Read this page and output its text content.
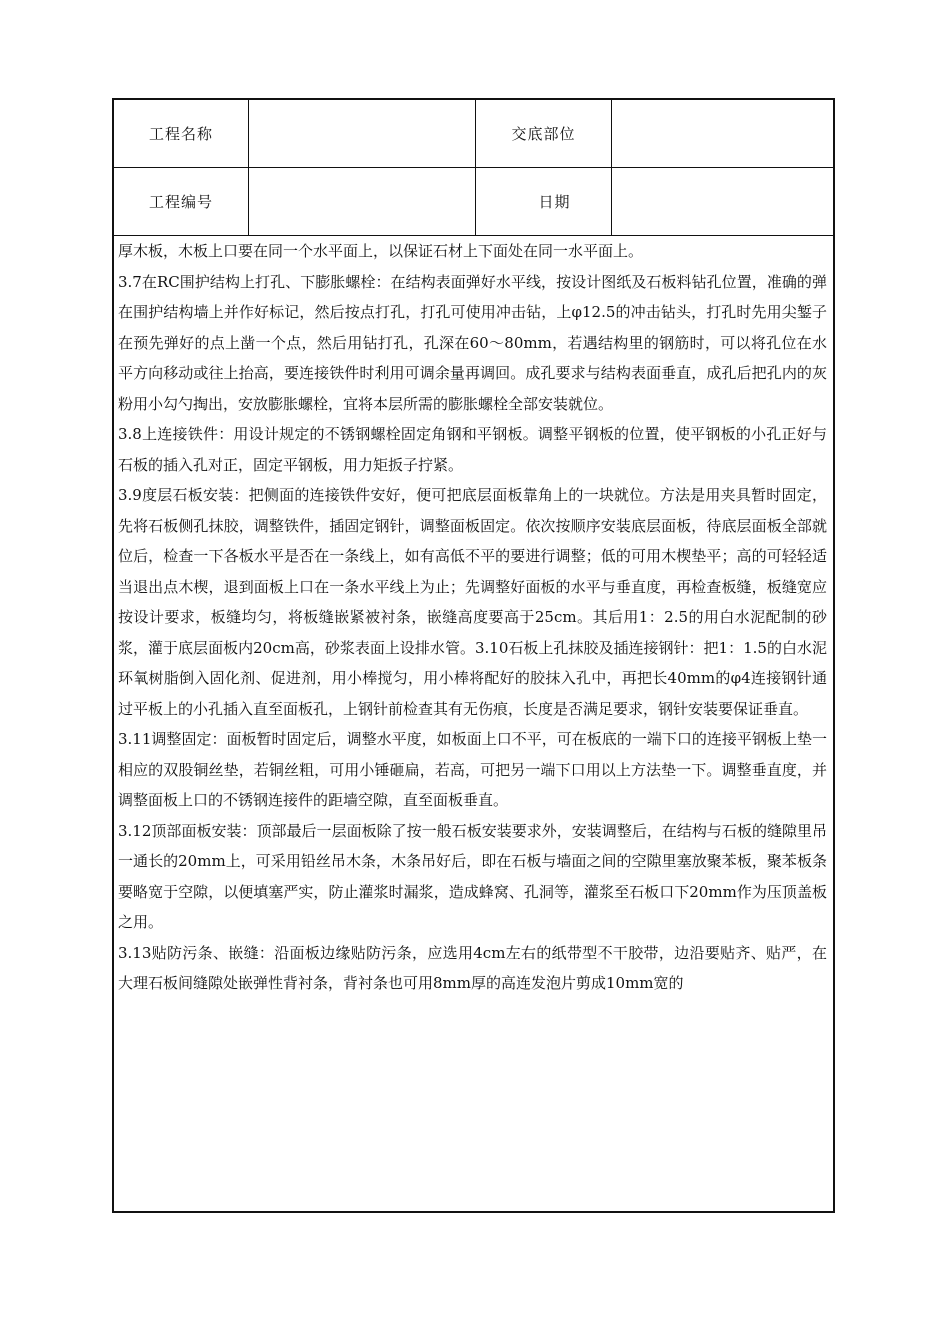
工程名称	交底部位
工程编号	日期

厚木板，木板上口要在同一个水平面上，以保证石材上下面处在同一水平面上。

3.7在RC围护结构上打孔、下膨胀螺栓：在结构表面弹好水平线，按设计图纸及石板料钻孔位置，准确的弹在围护结构墙上并作好标记，然后按点打孔，打孔可使用冲击钻，上φ12.5的冲击钻头，打孔时先用尖錾子在预先弹好的点上凿一个点，然后用钻打孔，孔深在60～80mm，若遇结构里的钢筋时，可以将孔位在水平方向移动或往上抬高，要连接铁件时利用可调余量再调回。成孔要求与结构表面垂直，成孔后把孔内的灰粉用小勾勺掏出，安放膨胀螺栓，宜将本层所需的膨胀螺栓全部安装就位。

3.8上连接铁件：用设计规定的不锈钢螺栓固定角钢和平钢板。调整平钢板的位置，使平钢板的小孔正好与石板的插入孔对正，固定平钢板，用力矩扳子拧紧。

3.9度层石板安装：把侧面的连接铁件安好，便可把底层面板靠角上的一块就位。方法是用夹具暂时固定，先将石板侧孔抹胶，调整铁件，插固定钢针，调整面板固定。依次按顺序安装底层面板，待底层面板全部就位后，检查一下各板水平是否在一条线上，如有高低不平的要进行调整；低的可用木楔垫平；高的可轻轻适当退出点木楔，退到面板上口在一条水平线上为止；先调整好面板的水平与垂直度，再检查板缝，板缝宽应按设计要求，板缝均匀，将板缝嵌紧被衬条，嵌缝高度要高于25cm。其后用1：2.5的用白水泥配制的砂浆，灌于底层面板内20cm高，砂浆表面上设排水管。3.10石板上孔抹胶及插连接钢针：把1：1.5的白水泥环氧树脂倒入固化剂、促进剂，用小棒搅匀，用小棒将配好的胶抹入孔中，再把长40mm的φ4连接钢针通过平板上的小孔插入直至面板孔，上钢针前检查其有无伤痕，长度是否满足要求，钢针安装要保证垂直。

3.11调整固定：面板暂时固定后，调整水平度，如板面上口不平，可在板底的一端下口的连接平钢板上垫一相应的双股铜丝垫，若铜丝粗，可用小锤砸扁，若高，可把另一端下口用以上方法垫一下。调整垂直度，并调整面板上口的不锈钢连接件的距墙空隙，直至面板垂直。

3.12顶部面板安装：顶部最后一层面板除了按一般石板安装要求外，安装调整后，在结构与石板的缝隙里吊一通长的20mm上，可采用铅丝吊木条，木条吊好后，即在石板与墙面之间的空隙里塞放聚苯板，聚苯板条要略宽于空隙，以便填塞严实，防止灌浆时漏浆，造成蜂窝、孔洞等，灌浆至石板口下20mm作为压顶盖板之用。

3.13贴防污条、嵌缝：沿面板边缘贴防污条，应选用4cm左右的纸带型不干胶带，边沿要贴齐、贴严，在大理石板间缝隙处嵌弹性背衬条，背衬条也可用8mm厚的高连发泡片剪成10mm宽的
